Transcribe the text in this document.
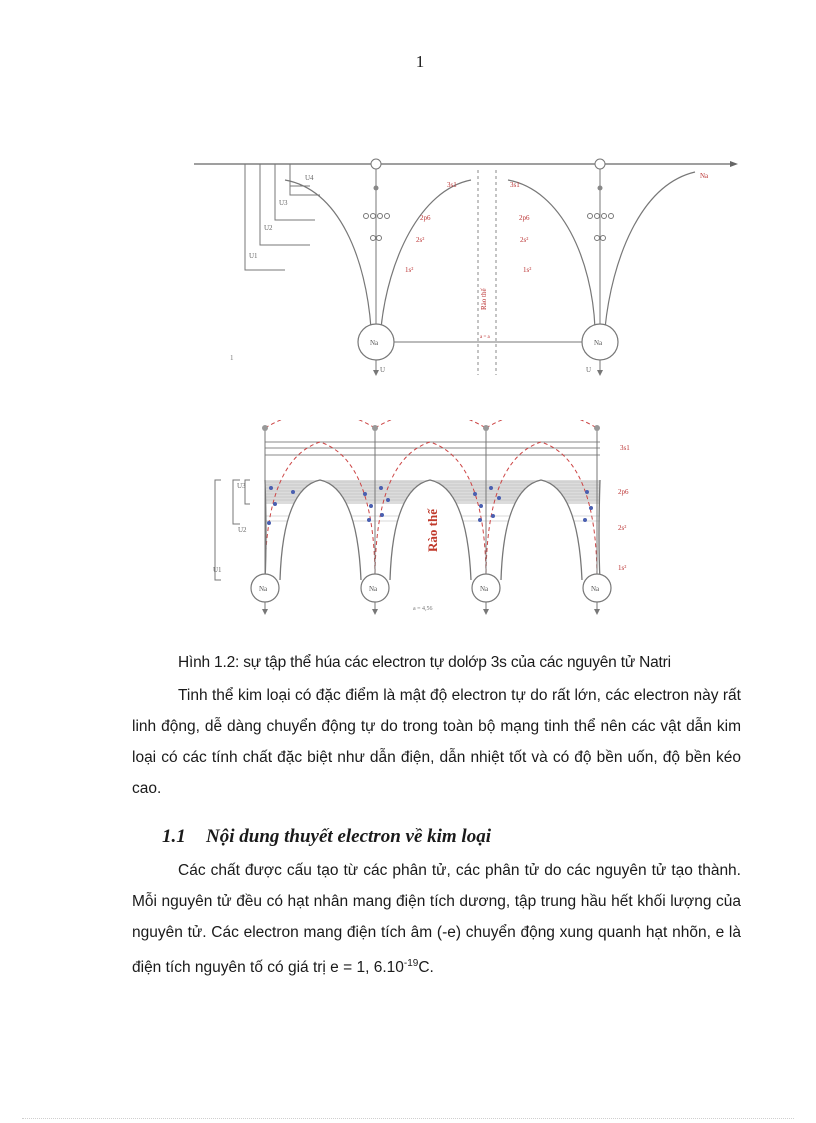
1
U4
U3
U2
U1
3s1
2p6
2s²
1s²
3s1
2p6
2s²
1s²
Rào thế
Na	Na
U	U
Na
a = a
1
3s1
2p6
2s²
1s²
U3
U2
U1
Rào thế
Na	Na	Na	Na
a = 4,56
Hình 1.2: sự tập thể húa các electron tự dolớp 3s của các nguyên tử Natri

Tinh thể kim loại có đặc điểm là mật độ electron tự do rất lớn, các electron này rất linh động, dễ dàng chuyển động tự do trong toàn bộ mạng tinh thể nên các vật dẫn kim loại có các tính chất đặc biệt như dẫn điện, dẫn nhiệt tốt và có độ bền uốn, độ bền kéo cao.

1.1 Nội dung thuyết electron về kim loại

Các chất được cấu tạo từ các phân tử, các phân tử do các nguyên tử tạo thành. Mỗi nguyên tử đều có hạt nhân mang điện tích dương, tập trung hầu hết khối lượng của nguyên tử. Các electron mang điện tích âm (-e) chuyển động xung quanh hạt nhõn, e là điện tích nguyên tố có giá trị e = 1, $6.10^{-19}C$.
